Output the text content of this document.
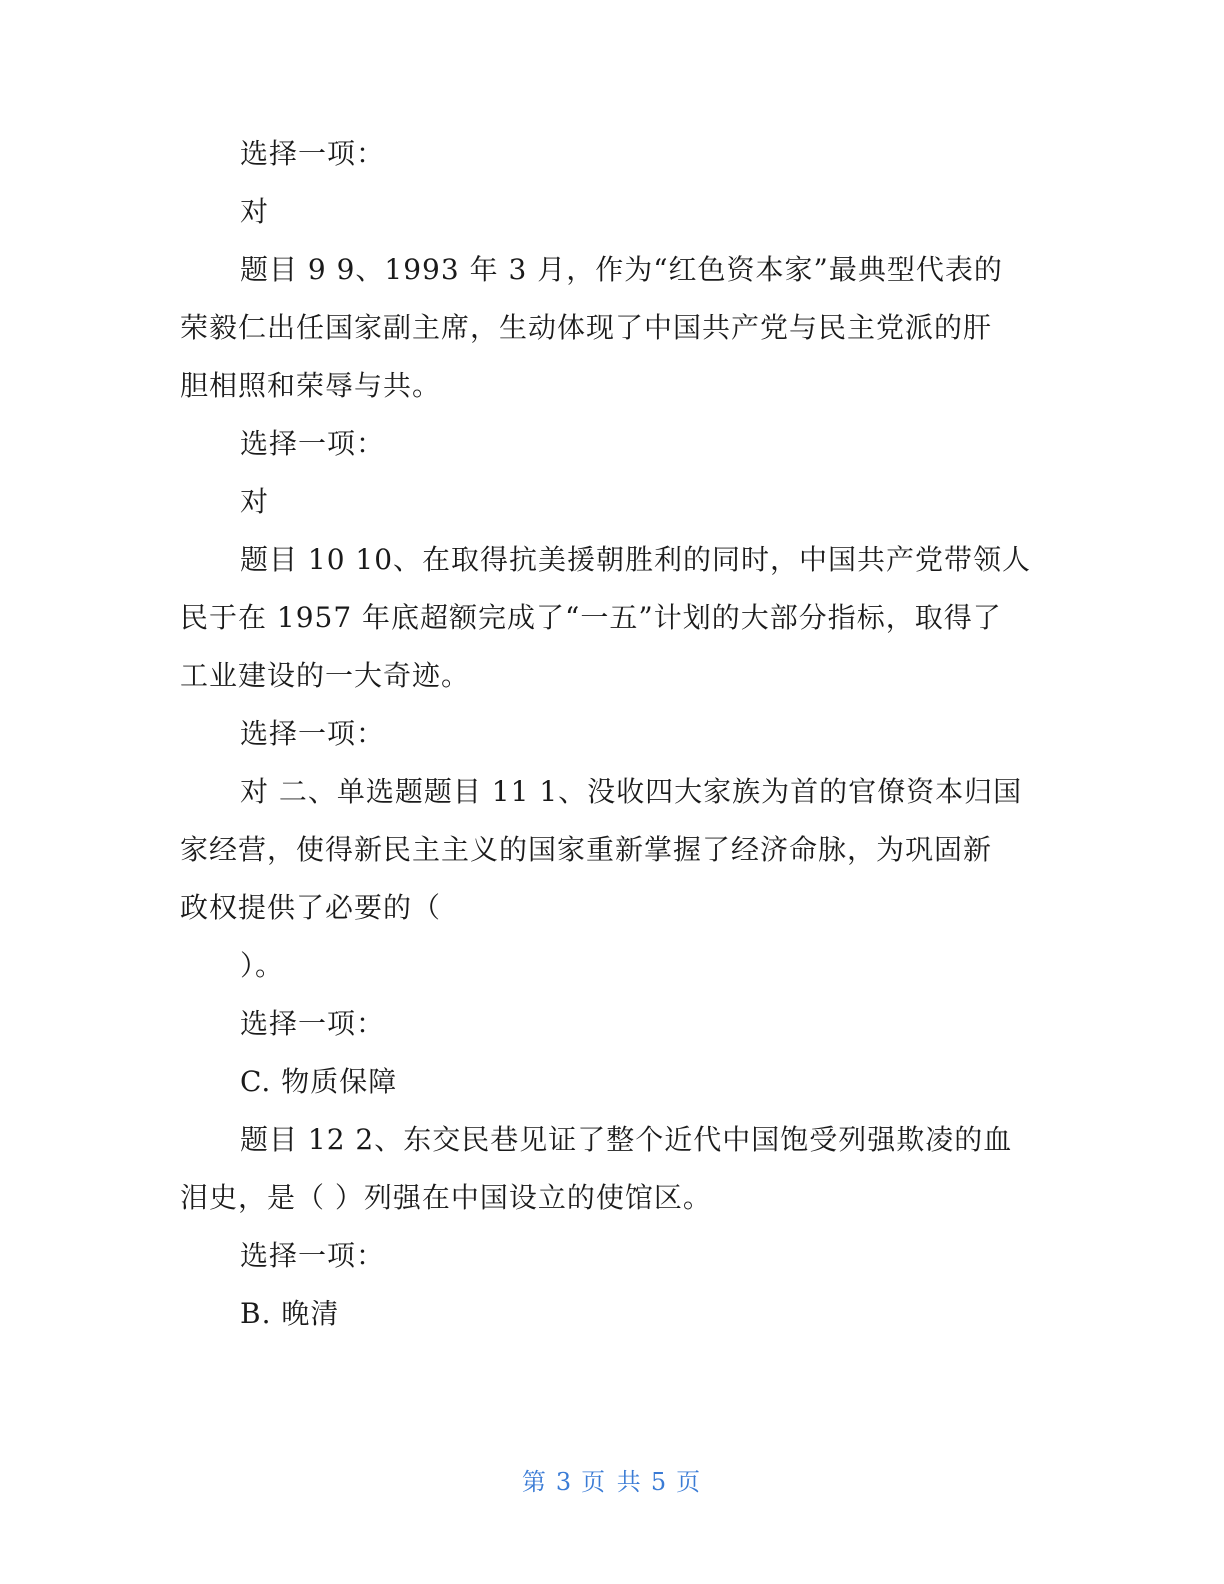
选择一项：

对

题目 9 9、1993 年 3 月，作为“红色资本家”最典型代表的

荣毅仁出任国家副主席，生动体现了中国共产党与民主党派的肝

胆相照和荣辱与共。

选择一项：

对

题目 10 10、在取得抗美援朝胜利的同时，中国共产党带领人

民于在 1957 年底超额完成了“一五”计划的大部分指标，取得了

工业建设的一大奇迹。

选择一项：

对 二、单选题题目 11 1、没收四大家族为首的官僚资本归国

家经营，使得新民主主义的国家重新掌握了经济命脉，为巩固新

政权提供了必要的（

）。

选择一项：

C. 物质保障

题目 12 2、东交民巷见证了整个近代中国饱受列强欺凌的血

泪史，是（ ）列强在中国设立的使馆区。

选择一项：

B. 晚清

第 3 页 共 5 页
